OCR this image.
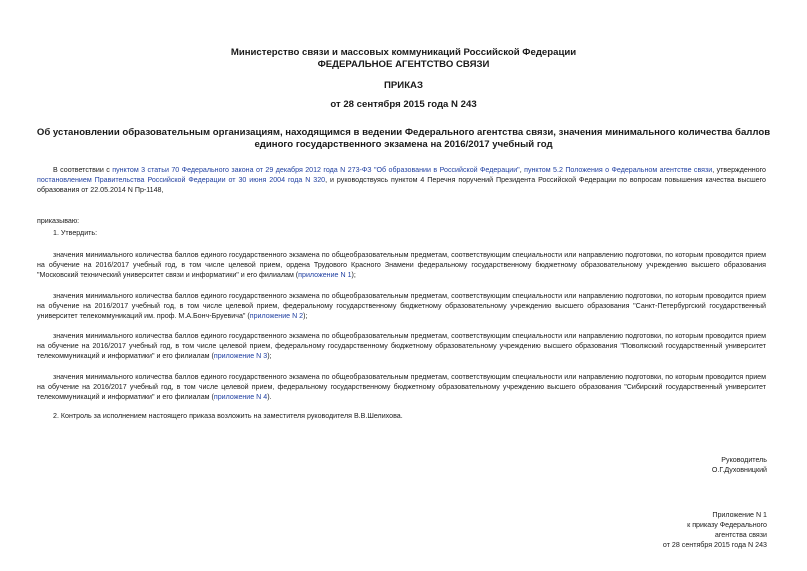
Министерство связи и массовых коммуникаций Российской Федерации
ФЕДЕРАЛЬНОЕ АГЕНТСТВО СВЯЗИ
ПРИКАЗ
от 28 сентября 2015 года N 243
Об установлении образовательным организациям, находящимся в ведении Федерального агентства связи, значения минимального количества баллов единого государственного экзамена на 2016/2017 учебный год
В соответствии с пунктом 3 статьи 70 Федерального закона от 29 декабря 2012 года N 273-ФЗ "Об образовании в Российской Федерации", пунктом 5.2 Положения о Федеральном агентстве связи, утвержденного постановлением Правительства Российской Федерации от 30 июня 2004 года N 320, и руководствуясь пунктом 4 Перечня поручений Президента Российской Федерации по вопросам повышения качества высшего образования от 22.05.2014 N Пр-1148,
приказываю:
1. Утвердить:
значения минимального количества баллов единого государственного экзамена по общеобразовательным предметам, соответствующим специальности или направлению подготовки, по которым проводится прием на обучение на 2016/2017 учебный год, в том числе целевой прием, ордена Трудового Красного Знамени федеральному государственному бюджетному образовательному учреждению высшего образования "Московский технический университет связи и информатики" и его филиалам (приложение N 1);
значения минимального количества баллов единого государственного экзамена по общеобразовательным предметам, соответствующим специальности или направлению подготовки, по которым проводится прием на обучение на 2016/2017 учебный год, в том числе целевой прием, федеральному государственному бюджетному образовательному учреждению высшего образования "Санкт-Петербургский государственный университет телекоммуникаций им. проф. М.А.Бонч-Бруевича" (приложение N 2);
значения минимального количества баллов единого государственного экзамена по общеобразовательным предметам, соответствующим специальности или направлению подготовки, по которым проводится прием на обучение на 2016/2017 учебный год, в том числе целевой прием, федеральному государственному бюджетному образовательному учреждению высшего образования "Поволжский государственный университет телекоммуникаций и информатики" и его филиалам (приложение N 3);
значения минимального количества баллов единого государственного экзамена по общеобразовательным предметам, соответствующим специальности или направлению подготовки, по которым проводится прием на обучение на 2016/2017 учебный год, в том числе целевой прием, федеральному государственному бюджетному образовательному учреждению высшего образования "Сибирский государственный университет телекоммуникаций и информатики" и его филиалам (приложение N 4).
2. Контроль за исполнением настоящего приказа возложить на заместителя руководителя В.В.Шелихова.
Руководитель
О.Г.Духовницкий
Приложение N 1
к приказу Федерального
агентства связи
от 28 сентября 2015 года N 243
